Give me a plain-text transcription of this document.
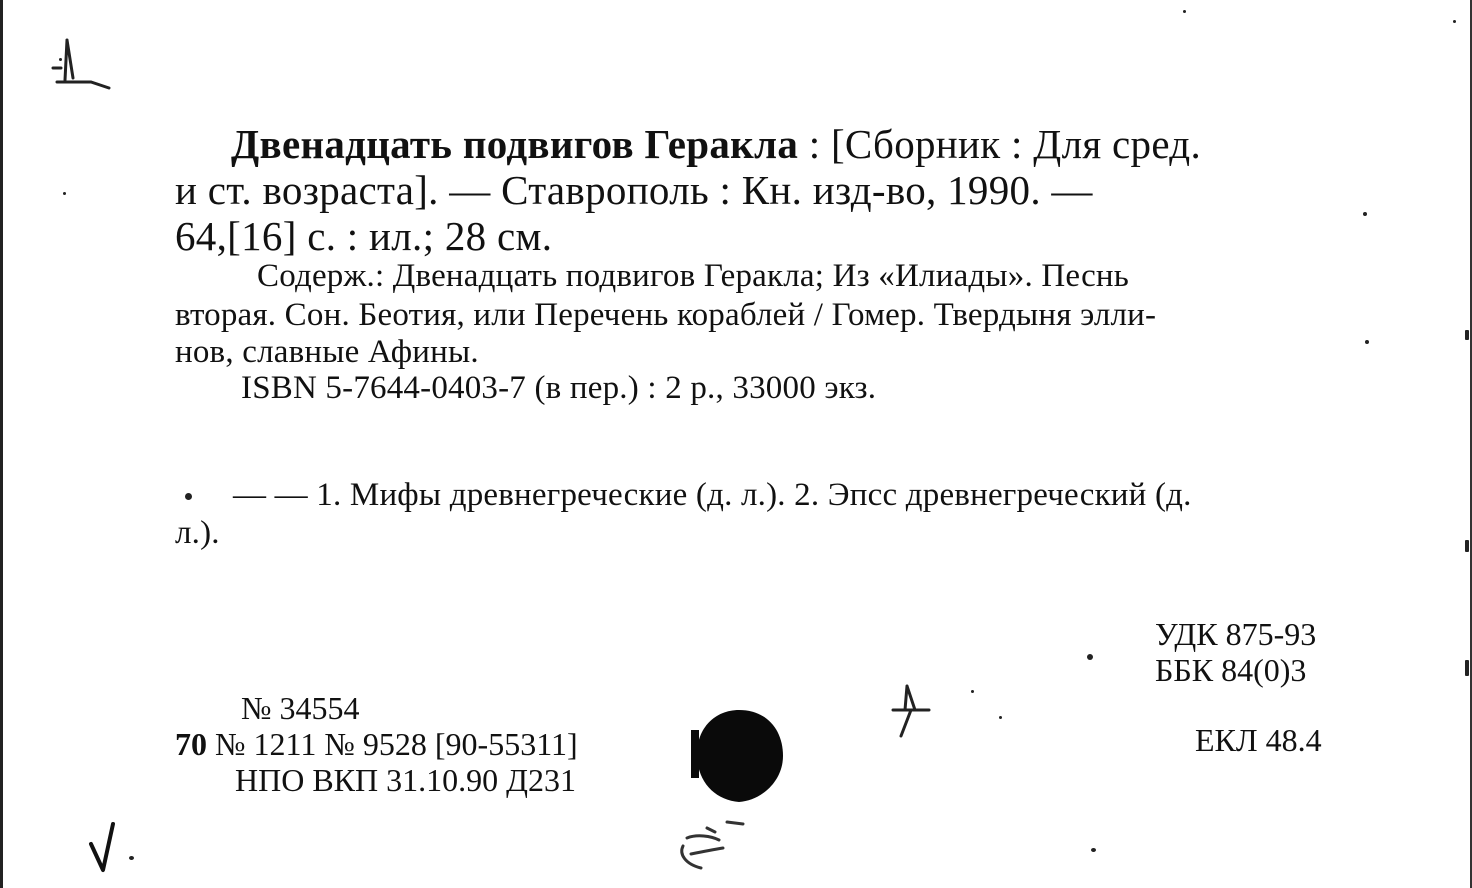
Двенадцать подвигов Геракла : [Сборник : Для сред.
и ст. возраста]. — Ставрополь : Кн. изд-во, 1990. —
64,[16] с. : ил.; 28 см.
Содерж.: Двенадцать подвигов Геракла; Из «Илиады». Песнь
вторая. Сон. Беотия, или Перечень кораблей / Гомер. Твердыня элли-
нов, славные Афины.
ISBN 5-7644-0403-7 (в пер.) : 2 р., 33000 экз.
— — 1. Мифы древнегреческие (д. л.). 2. Эпсс древнегреческий (д.
л.).
УДК 875-93
ББК 84(0)3
ЕКЛ 48.4
№ 34554
70 № 1211 № 9528 [90-55311]
НПО ВКП 31.10.90 Д231
